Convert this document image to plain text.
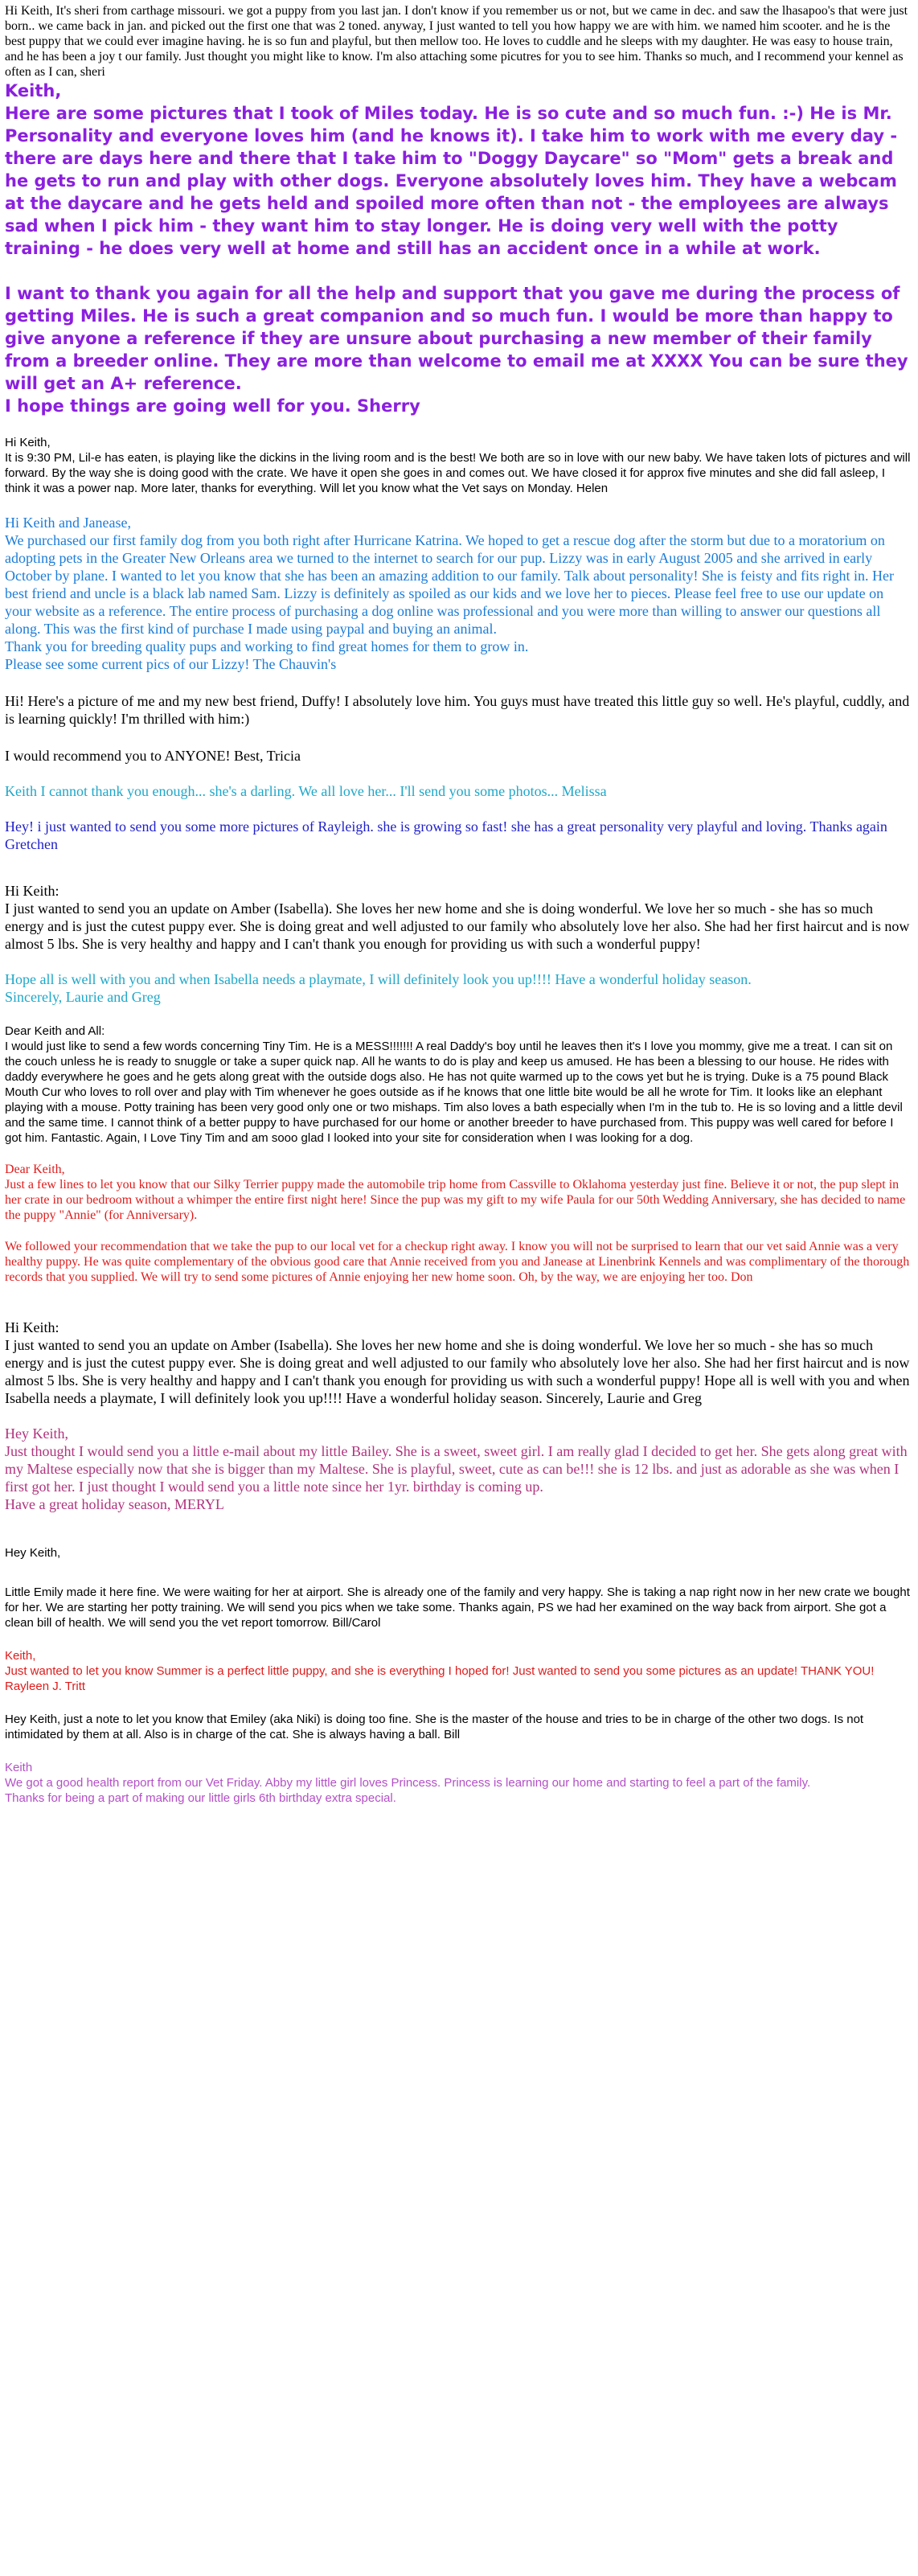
Hi Keith, It's sheri from carthage missouri. we got a puppy from you last jan. I don't know if you remember us or not, but we came in dec. and saw the lhasapoo's that were just born.. we came back in jan. and picked out the first one that was 2 toned. anyway, I just wanted to tell you how happy we are with him. we named him scooter. and he is the best puppy that we could ever imagine having. he is so fun and playful, but then mellow too. He loves to cuddle and he sleeps with my daughter. He was easy to house train, and he has been a joy t our family. Just thought you might like to know. I'm also attaching some picutres for you to see him. Thanks so much, and I recommend your kennel as often as I can, sheri
Keith,
Here are some pictures that I took of Miles today. He is so cute and so much fun. :-) He is Mr. Personality and everyone loves him (and he knows it). I take him to work with me every day - there are days here and there that I take him to "Doggy Daycare" so "Mom" gets a break and he gets to run and play with other dogs. Everyone absolutely loves him. They have a webcam at the daycare and he gets held and spoiled more often than not - the employees are always sad when I pick him - they want him to stay longer. He is doing very well with the potty training - he does very well at home and still has an accident once in a while at work.
I want to thank you again for all the help and support that you gave me during the process of getting Miles. He is such a great companion and so much fun. I would be more than happy to give anyone a reference if they are unsure about purchasing a new member of their family from a breeder online. They are more than welcome to email me at XXXX You can be sure they will get an A+ reference.
I hope things are going well for you. Sherry
Hi Keith,
It is 9:30 PM, Lil-e has eaten, is playing like the dickins in the living room and is the best! We both are so in love with our new baby. We have taken lots of pictures and will forward. By the way she is doing good with the crate. We have it open she goes in and comes out. We have closed it for approx five minutes and she did fall asleep, I think it was a power nap. More later, thanks for everything. Will let you know what the Vet says on Monday. Helen
Hi Keith and Janease,
We purchased our first family dog from you both right after Hurricane Katrina. We hoped to get a rescue dog after the storm but due to a moratorium on adopting pets in the Greater New Orleans area we turned to the internet to search for our pup. Lizzy was in early August 2005 and she arrived in early October by plane. I wanted to let you know that she has been an amazing addition to our family. Talk about personality! She is feisty and fits right in. Her best friend and uncle is a black lab named Sam. Lizzy is definitely as spoiled as our kids and we love her to pieces. Please feel free to use our update on your website as a reference. The entire process of purchasing a dog online was professional and you were more than willing to answer our questions all along. This was the first kind of purchase I made using paypal and buying an animal.
Thank you for breeding quality pups and working to find great homes for them to grow in.
Please see some current pics of our Lizzy! The Chauvin's
Hi! Here's a picture of me and my new best friend, Duffy! I absolutely love him. You guys must have treated this little guy so well. He's playful, cuddly, and is learning quickly! I'm thrilled with him:)
I would recommend you to ANYONE! Best, Tricia
Keith I cannot thank you enough... she's a darling. We all love her... I'll send you some photos... Melissa
Hey! i just wanted to send you some more pictures of Rayleigh. she is growing so fast! she has a great personality very playful and loving. Thanks again Gretchen
Hi Keith:
I just wanted to send you an update on Amber (Isabella). She loves her new home and she is doing wonderful. We love her so much - she has so much energy and is just the cutest puppy ever. She is doing great and well adjusted to our family who absolutely love her also. She had her first haircut and is now almost 5 lbs. She is very healthy and happy and I can't thank you enough for providing us with such a wonderful puppy!
Hope all is well with you and when Isabella needs a playmate, I will definitely look you up!!!! Have a wonderful holiday season.
Sincerely, Laurie and Greg
Dear Keith and All:
I would just like to send a few words concerning Tiny Tim. He is a MESS!!!!!!! A real Daddy's boy until he leaves then it's I love you mommy, give me a treat. I can sit on the couch unless he is ready to snuggle or take a super quick nap. All he wants to do is play and keep us amused. He has been a blessing to our house. He rides with daddy everywhere he goes and he gets along great with the outside dogs also. He has not quite warmed up to the cows yet but he is trying. Duke is a 75 pound Black Mouth Cur who loves to roll over and play with Tim whenever he goes outside as if he knows that one little bite would be all he wrote for Tim. It looks like an elephant playing with a mouse. Potty training has been very good only one or two mishaps. Tim also loves a bath especially when I'm in the tub to. He is so loving and a little devil and the same time. I cannot think of a better puppy to have purchased for our home or another breeder to have purchased from. This puppy was well cared for before I got him. Fantastic. Again, I Love Tiny Tim and am sooo glad I looked into your site for consideration when I was looking for a dog.
Dear Keith,
Just a few lines to let you know that our Silky Terrier puppy made the automobile trip home from Cassville to Oklahoma yesterday just fine. Believe it or not, the pup slept in her crate in our bedroom without a whimper the entire first night here! Since the pup was my gift to my wife Paula for our 50th Wedding Anniversary, she has decided to name the puppy "Annie" (for Anniversary).
We followed your recommendation that we take the pup to our local vet for a checkup right away. I know you will not be surprised to learn that our vet said Annie was a very healthy puppy. He was quite complementary of the obvious good care that Annie received from you and Janease at Linenbrink Kennels and was complimentary of the thorough records that you supplied. We will try to send some pictures of Annie enjoying her new home soon. Oh, by the way, we are enjoying her too. Don
Hi Keith:
I just wanted to send you an update on Amber (Isabella). She loves her new home and she is doing wonderful. We love her so much - she has so much energy and is just the cutest puppy ever. She is doing great and well adjusted to our family who absolutely love her also. She had her first haircut and is now almost 5 lbs. She is very healthy and happy and I can't thank you enough for providing us with such a wonderful puppy! Hope all is well with you and when Isabella needs a playmate, I will definitely look you up!!!! Have a wonderful holiday season. Sincerely, Laurie and Greg
Hey Keith,
Just thought I would send you a little e-mail about my little Bailey. She is a sweet, sweet girl. I am really glad I decided to get her. She gets along great with my Maltese especially now that she is bigger than my Maltese. She is playful, sweet, cute as can be!!! she is 12 lbs. and just as adorable as she was when I first got her. I just thought I would send you a little note since her 1yr. birthday is coming up.
Have a great holiday season, MERYL
Hey Keith,
Little Emily made it here fine. We were waiting for her at airport. She is already one of the family and very happy. She is taking a nap right now in her new crate we bought for her. We are starting her potty training. We will send you pics when we take some. Thanks again, PS we had her examined on the way back from airport. She got a clean bill of health. We will send you the vet report tomorrow. Bill/Carol
Keith,
Just wanted to let you know Summer is a perfect little puppy, and she is everything I hoped for! Just wanted to send you some pictures as an update! THANK YOU!
Rayleen J. Tritt
Hey Keith, just a note to let you know that Emiley (aka Niki) is doing too fine. She is the master of the house and tries to be in charge of the other two dogs. Is not intimidated by them at all. Also is in charge of the cat. She is always having a ball. Bill
Keith
We got a good health report from our Vet Friday. Abby my little girl loves Princess. Princess is learning our home and starting to feel a part of the family.
Thanks for being a part of making our little girls 6th birthday extra special.
